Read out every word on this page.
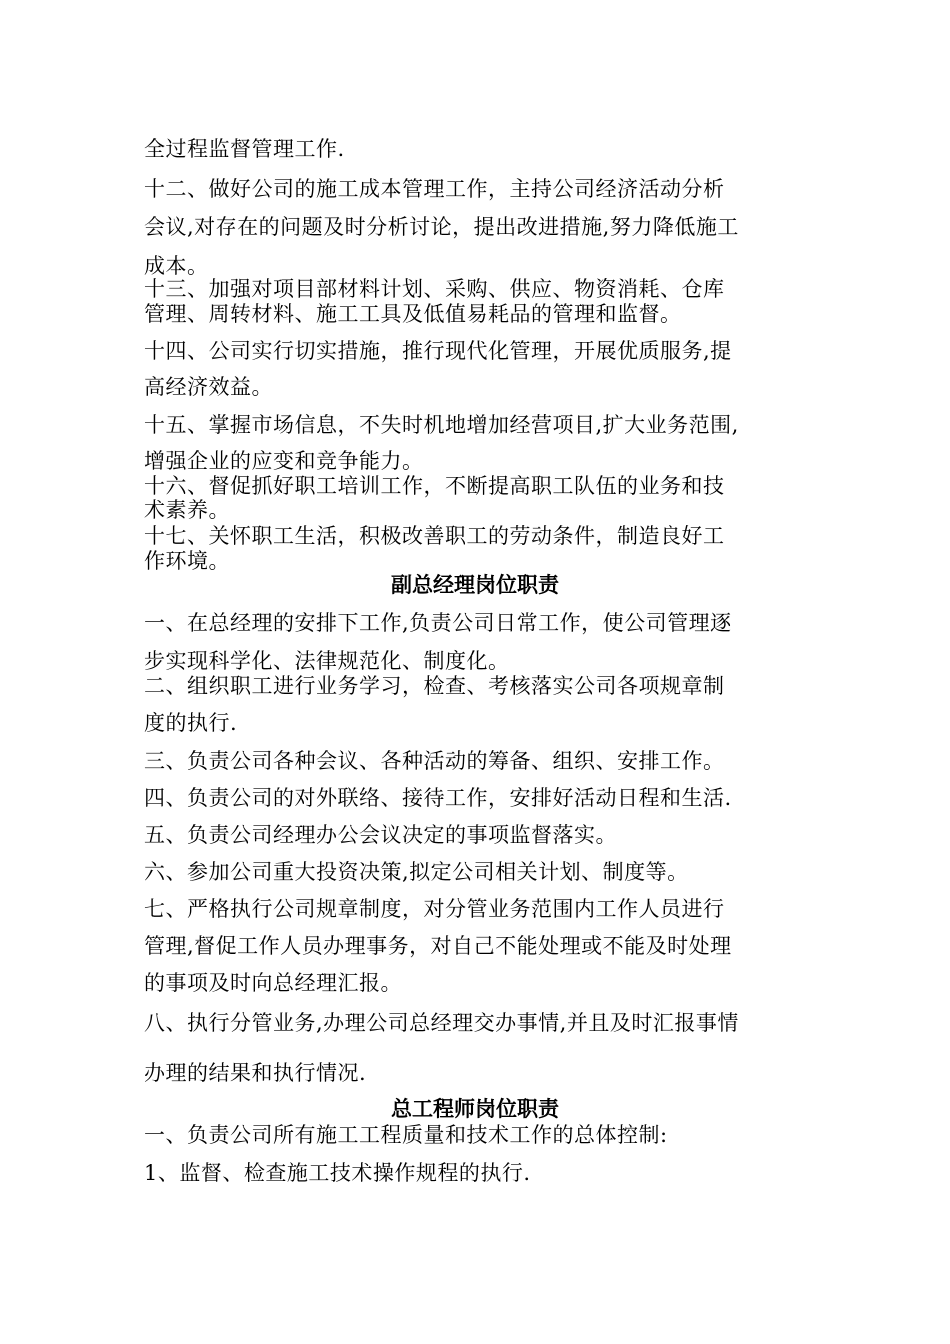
全过程监督管理工作.
十二、做好公司的施工成本管理工作，主持公司经济活动分析
会议,对存在的问题及时分析讨论，提出改进措施,努力降低施工
成本。
十三、加强对项目部材料计划、采购、供应、物资消耗、仓库
管理、周转材料、施工工具及低值易耗品的管理和监督。
十四、公司实行切实措施，推行现代化管理，开展优质服务,提
高经济效益。
十五、掌握市场信息，不失时机地增加经营项目,扩大业务范围,
增强企业的应变和竞争能力。
十六、督促抓好职工培训工作，不断提高职工队伍的业务和技
术素养。
十七、关怀职工生活，积极改善职工的劳动条件，制造良好工
作环境。
副总经理岗位职责
一、在总经理的安排下工作,负责公司日常工作，使公司管理逐
步实现科学化、法律规范化、制度化。
二、组织职工进行业务学习，检查、考核落实公司各项规章制
度的执行.
三、负责公司各种会议、各种活动的筹备、组织、安排工作。
四、负责公司的对外联络、接待工作，安排好活动日程和生活.
五、负责公司经理办公会议决定的事项监督落实。
六、参加公司重大投资决策,拟定公司相关计划、制度等。
七、严格执行公司规章制度，对分管业务范围内工作人员进行
管理,督促工作人员办理事务，对自己不能处理或不能及时处理
的事项及时向总经理汇报。
八、执行分管业务,办理公司总经理交办事情,并且及时汇报事情
办理的结果和执行情况.
总工程师岗位职责
一、负责公司所有施工工程质量和技术工作的总体控制:
1、监督、检查施工技术操作规程的执行.
